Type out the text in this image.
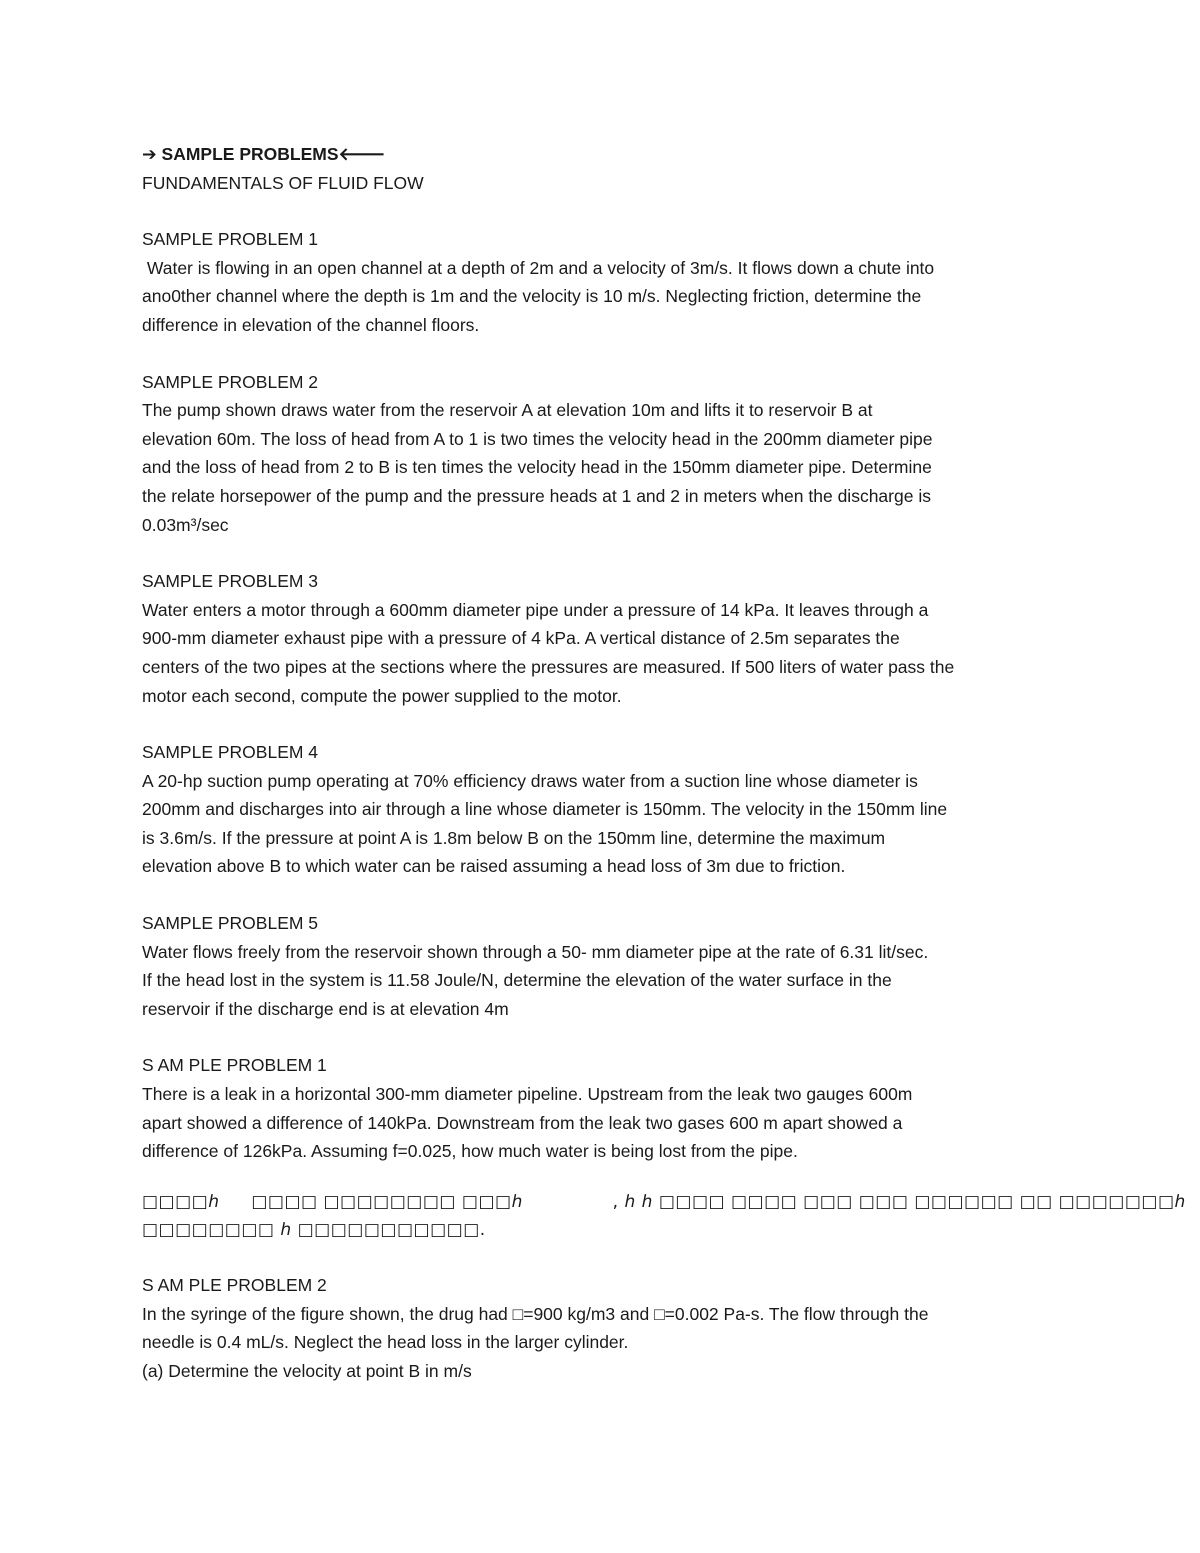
➔ SAMPLE PROBLEMS🡐
FUNDAMENTALS OF FLUID FLOW
SAMPLE PROBLEM 1
Water is flowing in an open channel at a depth of 2m and a velocity of 3m/s. It flows down a chute into
ano0ther channel where the depth is 1m and the velocity is 10 m/s. Neglecting friction, determine the
difference in elevation of the channel floors.
SAMPLE PROBLEM 2
The pump shown draws water from the reservoir A at elevation 10m and lifts it to reservoir B at
elevation 60m. The loss of head from A to 1 is two times the velocity head in the 200mm diameter pipe
and the loss of head from 2 to B is ten times the velocity head in the 150mm diameter pipe. Determine
the relate horsepower of the pump and the pressure heads at 1 and 2 in meters when the discharge is
0.03m³/sec
SAMPLE PROBLEM 3
Water enters a motor through a 600mm diameter pipe under a pressure of 14 kPa. It leaves through a
900-mm diameter exhaust pipe with a pressure of 4 kPa. A vertical distance of 2.5m separates the
centers of the two pipes at the sections where the pressures are measured. If 500 liters of water pass the
motor each second, compute the power supplied to the motor.
SAMPLE PROBLEM 4
A 20-hp suction pump operating at 70% efficiency draws water from a suction line whose diameter is
200mm and discharges into air through a line whose diameter is 150mm. The velocity in the 150mm line
is 3.6m/s. If the pressure at point A is 1.8m below B on the 150mm line, determine the maximum
elevation above B to which water can be raised assuming a head loss of 3m due to friction.
SAMPLE PROBLEM 5
Water flows freely from the reservoir shown through a 50- mm diameter pipe at the rate of 6.31 lit/sec.
If the head lost in the system is 11.58 Joule/N, determine the elevation of the water surface in the
reservoir if the discharge end is at elevation 4m
S AM PLE PROBLEM 1
There is a leak in a horizontal 300-mm diameter pipeline. Upstream from the leak two gauges 600m
apart showed a difference of 140kPa. Downstream from the leak two gases 600 m apart showed a
difference of 126kPa. Assuming f=0.025, how much water is being lost from the pipe.
□□□□ℎ □□□□ □□□□□□□□ □□□ℎ	, ℎ ℎ □□□□ □□□□ □□□ □□□ □□□□□□ □□ □□□□□□□ℎ
□□□□□□□□ ℎ □□□□□□□□□□□.
S AM PLE PROBLEM 2
In the syringe of the figure shown, the drug had □=900 kg/m3 and □=0.002 Pa-s. The flow through the
needle is 0.4 mL/s. Neglect the head loss in the larger cylinder.
(a) Determine the velocity at point B in m/s
